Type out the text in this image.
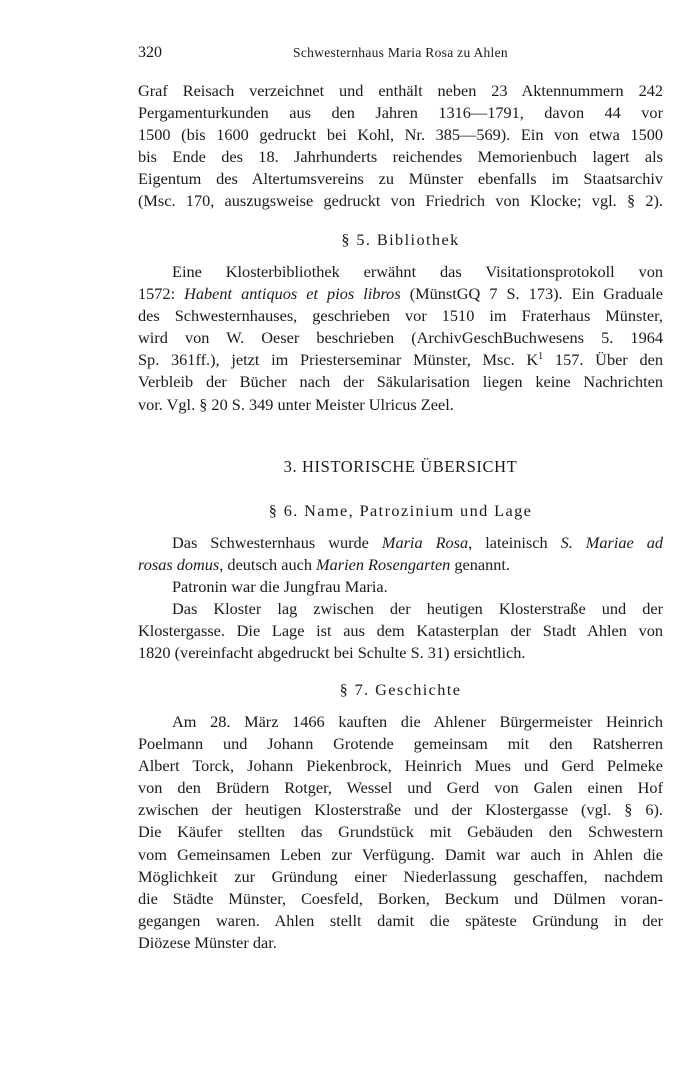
320	Schwesternhaus Maria Rosa zu Ahlen
Graf Reisach verzeichnet und enthält neben 23 Aktennummern 242
Pergamenturkunden aus den Jahren 1316—1791, davon 44 vor
1500 (bis 1600 gedruckt bei Kohl, Nr. 385—569). Ein von etwa 1500
bis Ende des 18. Jahrhunderts reichendes Memorienbuch lagert als
Eigentum des Altertumsvereins zu Münster ebenfalls im Staatsarchiv
(Msc. 170, auszugsweise gedruckt von Friedrich von Klocke; vgl. § 2).
§ 5. Bibliothek
Eine Klosterbibliothek erwähnt das Visitationsprotokoll von
1572: Habent antiquos et pios libros (MünstGQ 7 S. 173). Ein Graduale
des Schwesternhauses, geschrieben vor 1510 im Fraterhaus Münster,
wird von W. Oeser beschrieben (ArchivGeschBuchwesens 5. 1964
Sp. 361ff.), jetzt im Priesterseminar Münster, Msc. $K^1$ 157. Über den
Verbleib der Bücher nach der Säkularisation liegen keine Nachrichten
vor. Vgl. § 20 S. 349 unter Meister Ulricus Zeel.
3. HISTORISCHE ÜBERSICHT
§ 6. Name, Patrozinium und Lage
Das Schwesternhaus wurde Maria Rosa, lateinisch S. Mariae ad
rosas domus, deutsch auch Marien Rosengarten genannt.
Patronin war die Jungfrau Maria.
Das Kloster lag zwischen der heutigen Klosterstraße und der
Klostergasse. Die Lage ist aus dem Katasterplan der Stadt Ahlen von
1820 (vereinfacht abgedruckt bei Schulte S. 31) ersichtlich.
§ 7. Geschichte
Am 28. März 1466 kauften die Ahlener Bürgermeister Heinrich
Poelmann und Johann Grotende gemeinsam mit den Ratsherren
Albert Torck, Johann Piekenbrock, Heinrich Mues und Gerd Pelmeke
von den Brüdern Rotger, Wessel und Gerd von Galen einen Hof
zwischen der heutigen Klosterstraße und der Klostergasse (vgl. § 6).
Die Käufer stellten das Grundstück mit Gebäuden den Schwestern
vom Gemeinsamen Leben zur Verfügung. Damit war auch in Ahlen die
Möglichkeit zur Gründung einer Niederlassung geschaffen, nachdem
die Städte Münster, Coesfeld, Borken, Beckum und Dülmen voran-
gegangen waren. Ahlen stellt damit die späteste Gründung in der
Diözese Münster dar.
